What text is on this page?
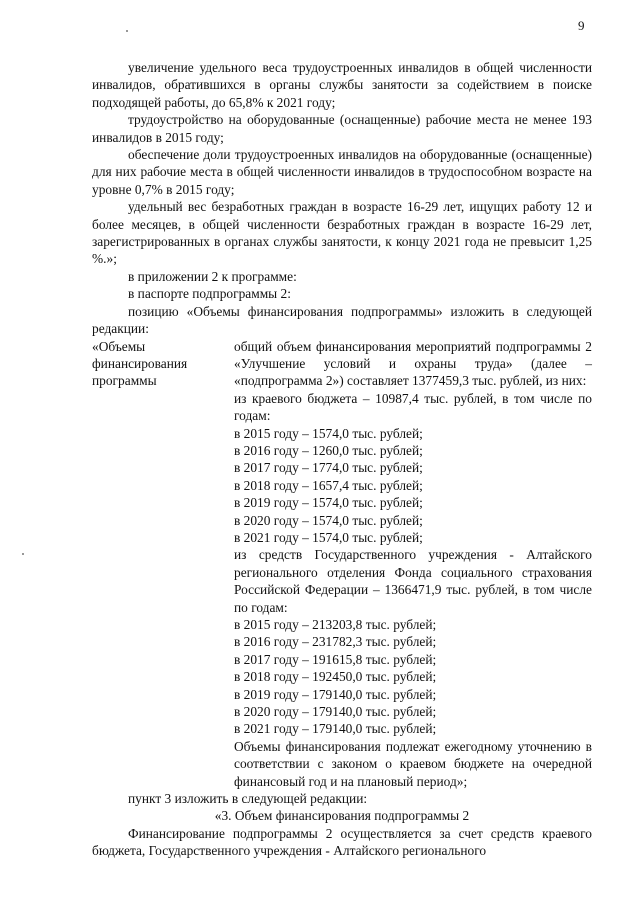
9

увеличение удельного веса трудоустроенных инвалидов в общей численности инвалидов, обратившихся в органы службы занятости за содействием в поиске подходящей работы, до 65,8% к 2021 году;

трудоустройство на оборудованные (оснащенные) рабочие места не менее 193 инвалидов в 2015 году;

обеспечение доли трудоустроенных инвалидов на оборудованные (оснащенные) для них рабочие места в общей численности инвалидов в трудоспособном возрасте на уровне 0,7% в 2015 году;

удельный вес безработных граждан в возрасте 16-29 лет, ищущих работу 12 и более месяцев, в общей численности безработных граждан в возрасте 16-29 лет, зарегистрированных в органах службы занятости, к концу 2021 года не превысит 1,25 %.»;

в приложении 2 к программе:

в паспорте подпрограммы 2:

позицию «Объемы финансирования подпрограммы» изложить в следующей редакции:

«Объемы финансирования программы
общий объем финансирования мероприятий подпрограммы 2 «Улучшение условий и охраны труда» (далее – «подпрограмма 2») составляет 1377459,3 тыс. рублей, из них:
из краевого бюджета – 10987,4 тыс. рублей, в том числе по годам:
в 2015 году – 1574,0 тыс. рублей;
в 2016 году – 1260,0 тыс. рублей;
в 2017 году – 1774,0 тыс. рублей;
в 2018 году – 1657,4 тыс. рублей;
в 2019 году – 1574,0 тыс. рублей;
в 2020 году – 1574,0 тыс. рублей;
в 2021 году – 1574,0 тыс. рублей;
из средств Государственного учреждения - Алтайского регионального отделения Фонда социального страхования Российской Федерации – 1366471,9 тыс. рублей, в том числе по годам:
в 2015 году – 213203,8 тыс. рублей;
в 2016 году – 231782,3 тыс. рублей;
в 2017 году – 191615,8 тыс. рублей;
в 2018 году – 192450,0 тыс. рублей;
в 2019 году – 179140,0 тыс. рублей;
в 2020 году – 179140,0 тыс. рублей;
в 2021 году – 179140,0 тыс. рублей;
Объемы финансирования подлежат ежегодному уточнению в соответствии с законом о краевом бюджете на очередной финансовый год и на плановый период»;

пункт 3 изложить в следующей редакции:

«3. Объем финансирования подпрограммы 2

Финансирование подпрограммы 2 осуществляется за счет средств краевого бюджета, Государственного учреждения - Алтайского регионального
